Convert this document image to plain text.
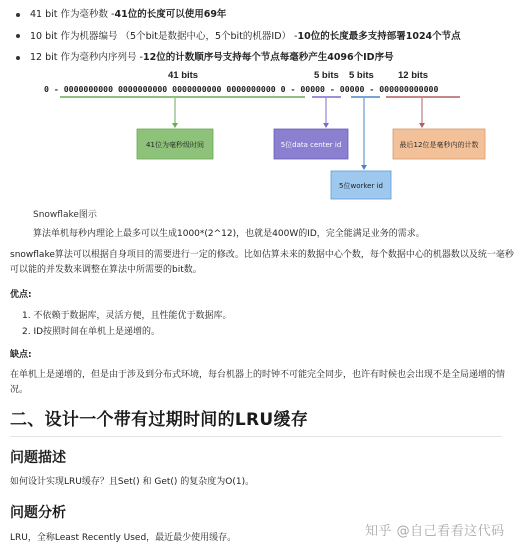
41 bit 作为毫秒数 - 41位的长度可以使用69年
10 bit 作为机器编号 （5个bit是数据中心，5个bit的机器ID） - 10位的长度最多支持部署1024个节点
12 bit 作为毫秒内序列号 - 12位的计数顺序号支持每个节点每毫秒产生4096个ID序号
41 bits	5 bits 5 bits	12 bits
0 - 0000000000 0000000000 0000000000 0000000000 0 - 00000 - 00000 - 000000000000
41位为毫秒级时间	5位data center id	最后12位是毫秒内的计数
5位worker id
Snowflake图示
算法单机每秒内理论上最多可以生成1000*(2^12)，也就是400W的ID，完全能满足业务的需求。
snowflake算法可以根据自身项目的需要进行一定的修改。比如估算未来的数据中心个数，每个数据中心的机器数以及统一毫秒可以能的并发数来调整在算法中所需要的bit数。
优点:
1. 不依赖于数据库，灵活方便，且性能优于数据库。
2. ID按照时间在单机上是递增的。
缺点:
在单机上是递增的，但是由于涉及到分布式环境，每台机器上的时钟不可能完全同步，也许有时候也会出现不是全局递增的情况。
二、设计一个带有过期时间的LRU缓存
问题描述
如何设计实现LRU缓存？且Set() 和 Get() 的复杂度为O(1)。
问题分析
LRU，全称Least Recently Used，最近最少使用缓存。	知乎 @自己看看这代码
